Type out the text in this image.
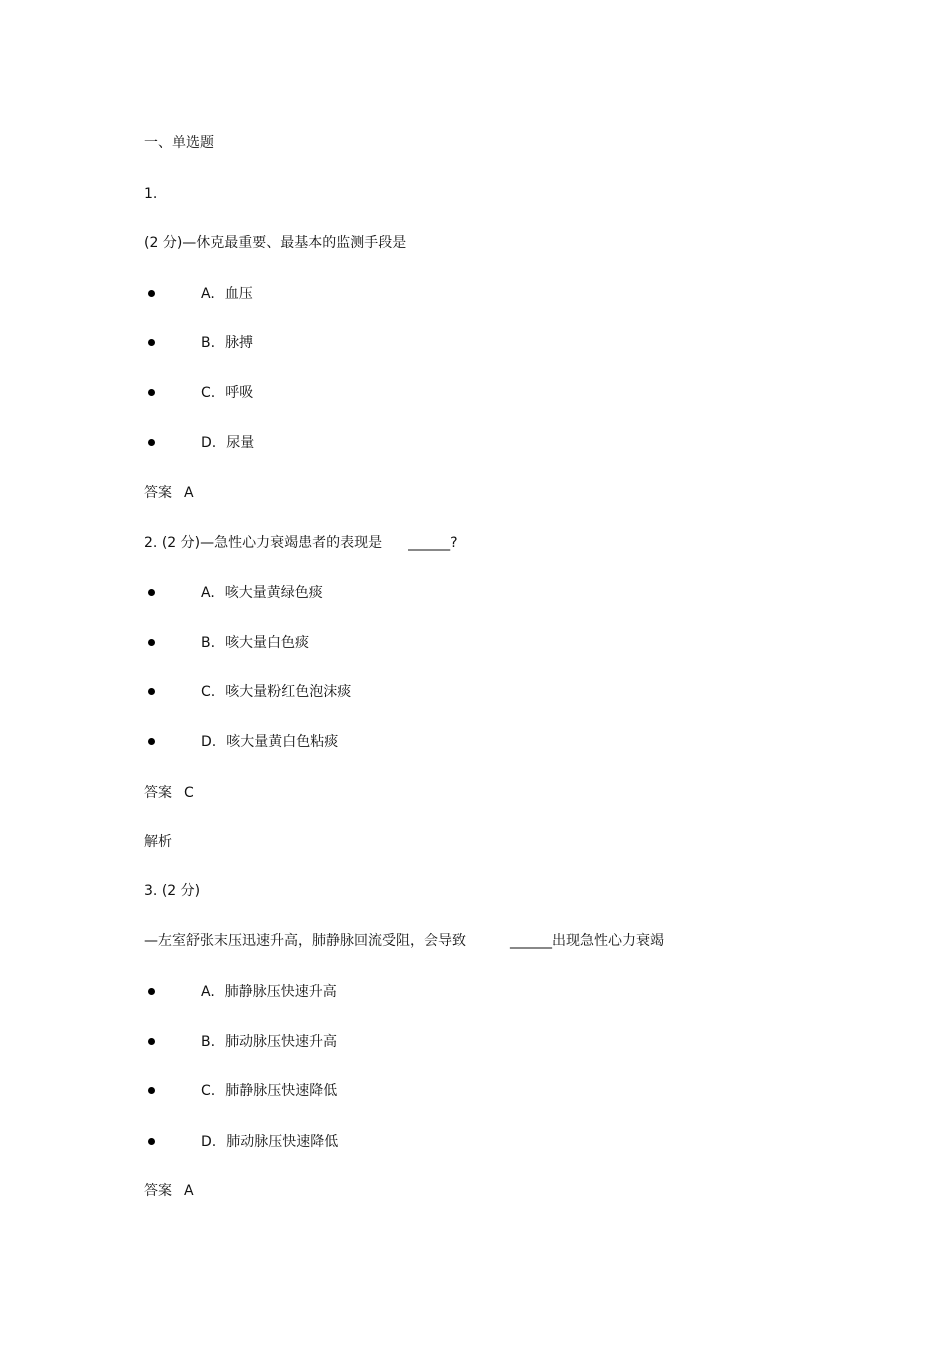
一、单选题
1.
(2 分)—休克最重要、最基本的监测手段是
A. 血压
B. 脉搏
C. 呼吸
D. 尿量
答案 A
2. (2 分)—急性心力衰竭患者的表现是 ______?
A. 咳大量黄绿色痰
B. 咳大量白色痰
C. 咳大量粉红色泡沫痰
D. 咳大量黄白色粘痰
答案 C
解析
3. (2 分)
—左室舒张末压迅速升高，肺静脉回流受阻，会导致	______出现急性心力衰竭
A. 肺静脉压快速升高
B. 肺动脉压快速升高
C. 肺静脉压快速降低
D. 肺动脉压快速降低
答案 A
